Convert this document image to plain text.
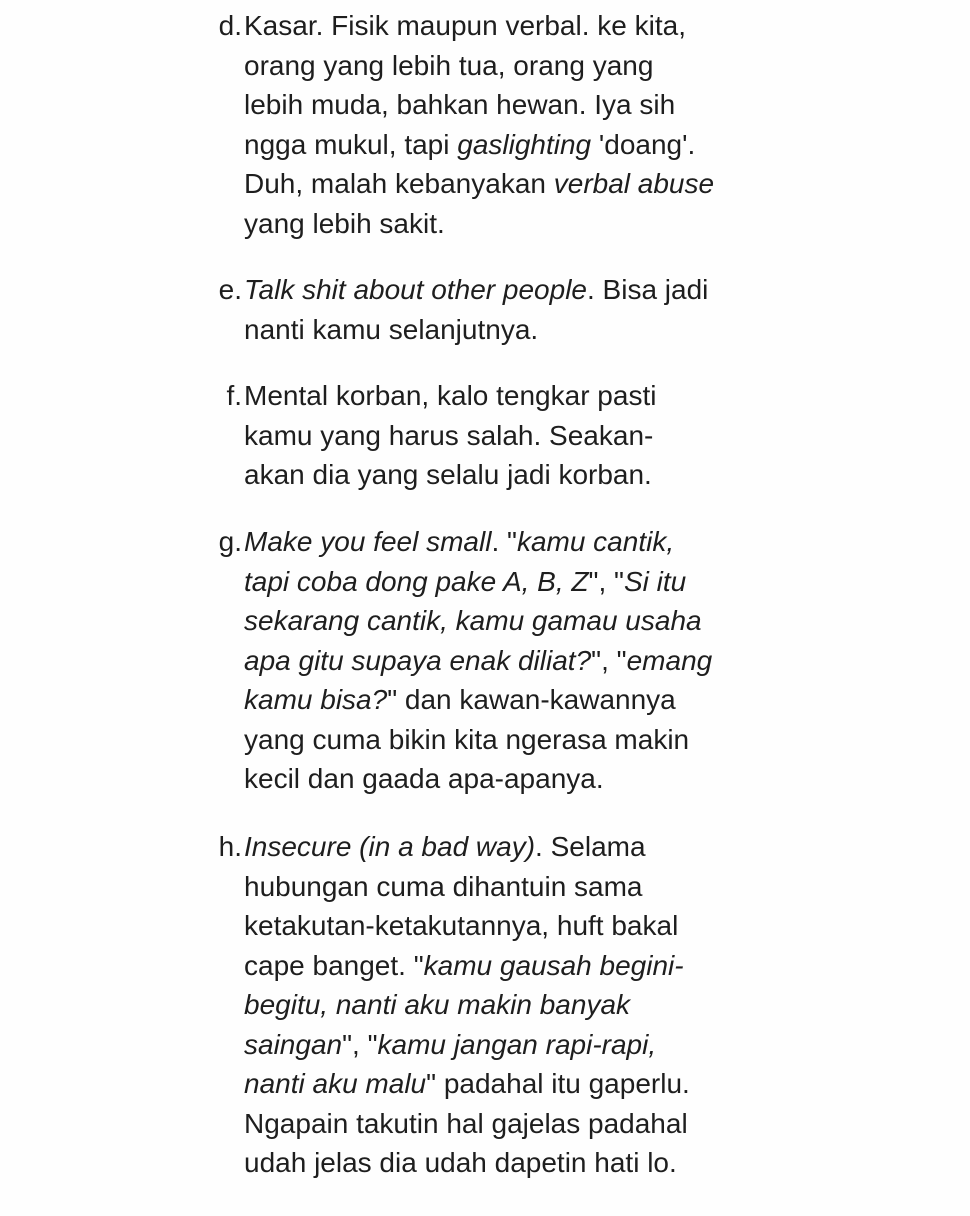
d. Kasar. Fisik maupun verbal. ke kita,
orang yang lebih tua, orang yang
lebih muda, bahkan hewan. Iya sih
ngga mukul, tapi gaslighting 'doang'.
Duh, malah kebanyakan verbal abuse
yang lebih sakit.
e. Talk shit about other people. Bisa jadi
nanti kamu selanjutnya.
f. Mental korban, kalo tengkar pasti
kamu yang harus salah. Seakan-
akan dia yang selalu jadi korban.
g. Make you feel small. "kamu cantik,
tapi coba dong pake A, B, Z", "Si itu
sekarang cantik, kamu gamau usaha
apa gitu supaya enak diliat?", "emang
kamu bisa?" dan kawan-kawannya
yang cuma bikin kita ngerasa makin
kecil dan gaada apa-apanya.
h. Insecure (in a bad way). Selama
hubungan cuma dihantuin sama
ketakutan-ketakutannya, huft bakal
cape banget. "kamu gausah begini-
begitu, nanti aku makin banyak
saingan", "kamu jangan rapi-rapi,
nanti aku malu" padahal itu gaperlu.
Ngapain takutin hal gajelas padahal
udah jelas dia udah dapetin hati lo.
